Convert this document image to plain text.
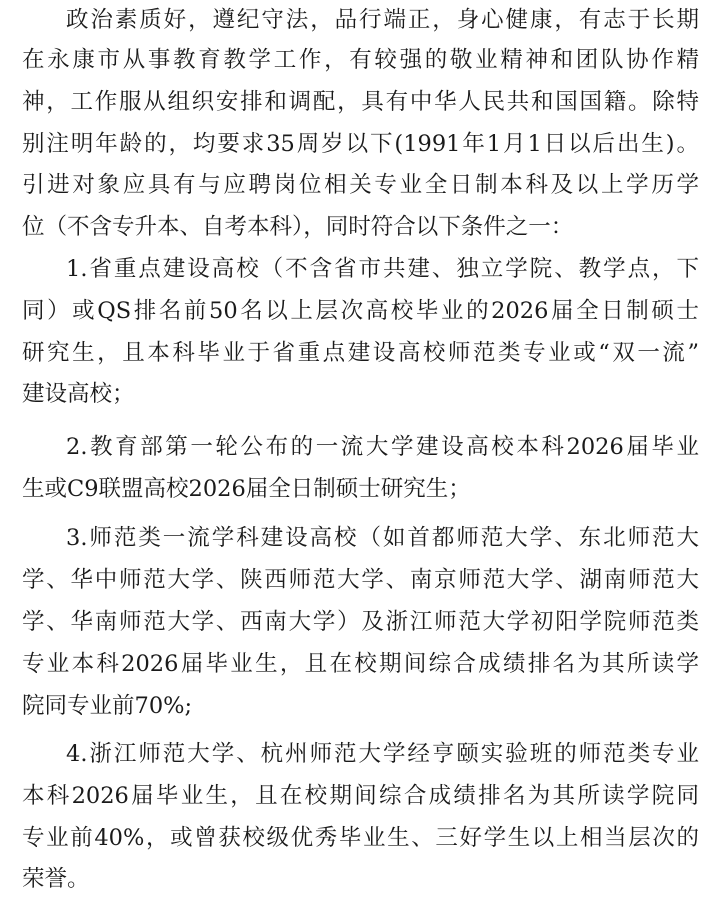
政治素质好，遵纪守法，品行端正，身心健康，有志于长期
在永康市从事教育教学工作，有较强的敬业精神和团队协作精
神，工作服从组织安排和调配，具有中华人民共和国国籍。除特
别注明年龄的，均要求35周岁以下(1991年1月1日以后出生)。
引进对象应具有与应聘岗位相关专业全日制本科及以上学历学
位（不含专升本、自考本科），同时符合以下条件之一：
1.省重点建设高校（不含省市共建、独立学院、教学点，下
同）或QS排名前50名以上层次高校毕业的2026届全日制硕士
研究生，且本科毕业于省重点建设高校师范类专业或“双一流”
建设高校；
2.教育部第一轮公布的一流大学建设高校本科2026届毕业
生或C9联盟高校2026届全日制硕士研究生；
3.师范类一流学科建设高校（如首都师范大学、东北师范大
学、华中师范大学、陕西师范大学、南京师范大学、湖南师范大
学、华南师范大学、西南大学）及浙江师范大学初阳学院师范类
专业本科2026届毕业生，且在校期间综合成绩排名为其所读学
院同专业前70%;
4.浙江师范大学、杭州师范大学经亨颐实验班的师范类专业
本科2026届毕业生，且在校期间综合成绩排名为其所读学院同
专业前40%，或曾获校级优秀毕业生、三好学生以上相当层次的
荣誉。
